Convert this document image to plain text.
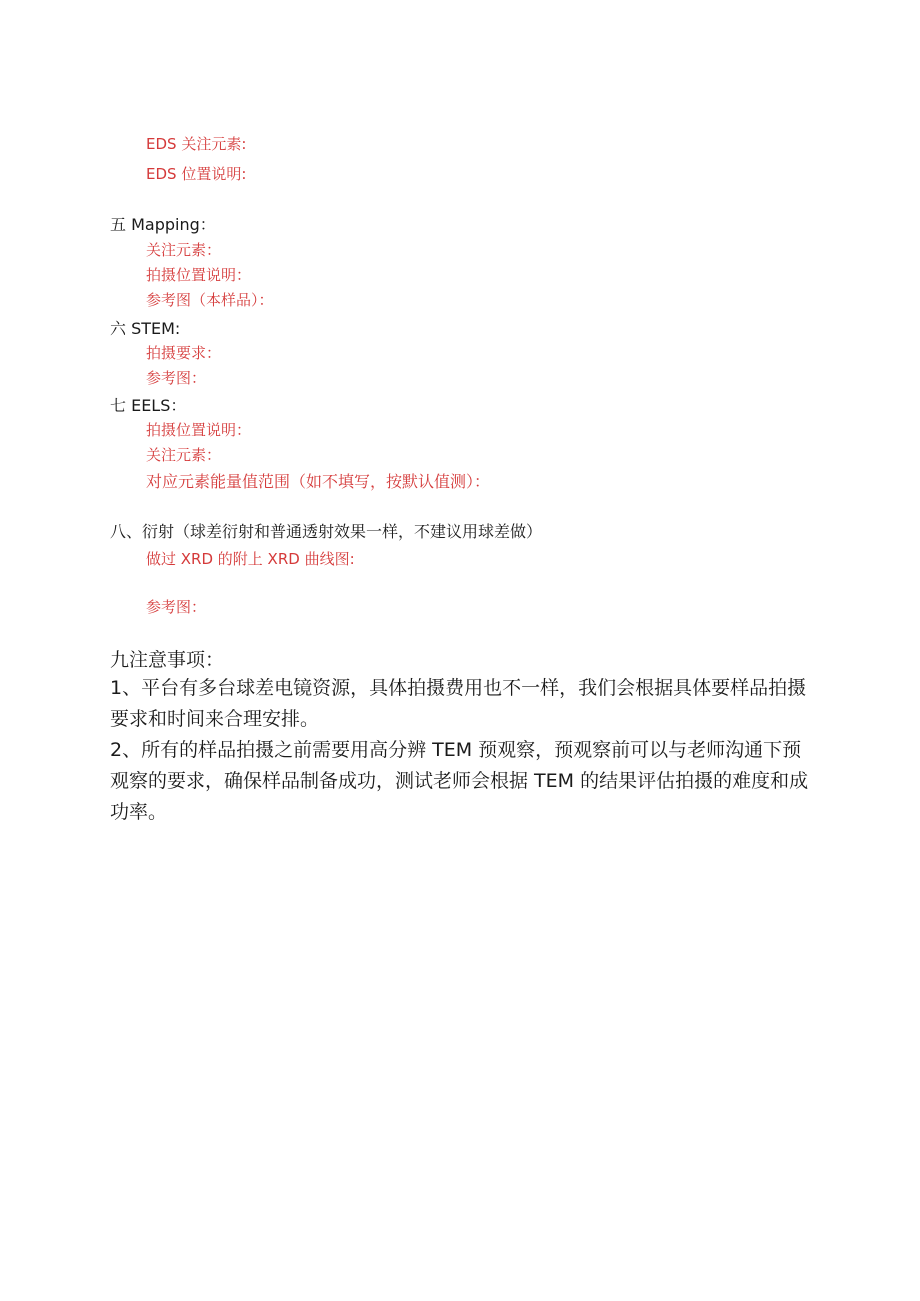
EDS 关注元素:
EDS 位置说明:
五 Mapping：
关注元素：
拍摄位置说明：
参考图（本样品）：
六 STEM:
拍摄要求：
参考图：
七 EELS：
拍摄位置说明：
关注元素：
对应元素能量值范围（如不填写，按默认值测）：
八、衍射（球差衍射和普通透射效果一样，不建议用球差做）
做过 XRD 的附上 XRD 曲线图:
参考图：
九注意事项：
1、平台有多台球差电镜资源，具体拍摄费用也不一样，我们会根据具体要样品拍摄要求和时间来合理安排。
2、所有的样品拍摄之前需要用高分辨 TEM 预观察，预观察前可以与老师沟通下预观察的要求，确保样品制备成功，测试老师会根据 TEM 的结果评估拍摄的难度和成功率。
